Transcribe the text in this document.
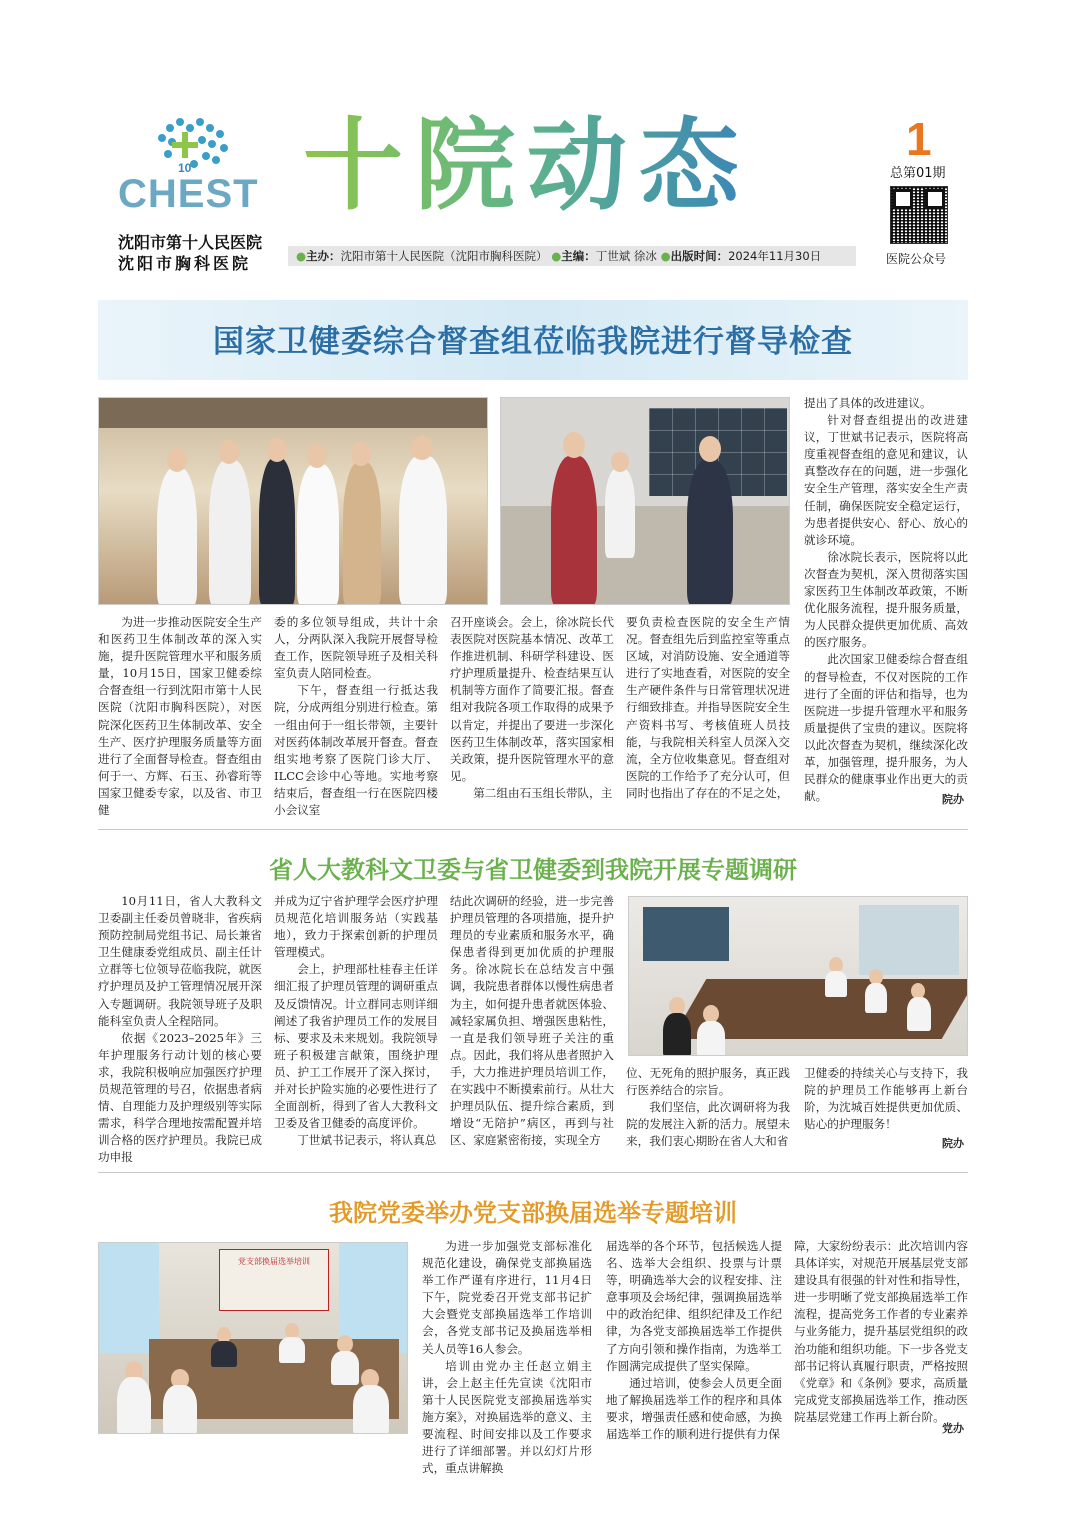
10
CHEST
沈阳市第十人民医院
沈阳市胸科医院
十院动态	1
总第01期
医院公众号
●主办：沈阳市第十人民医院（沈阳市胸科医院） ●主编：丁世斌 徐冰 ●出版时间：2024年11月30日
国家卫健委综合督查组莅临我院进行督导检查

为进一步推动医院安全生产和医药卫生体制改革的深入实施，提升医院管理水平和服务质量，10月15日，国家卫健委综合督查组一行到沈阳市第十人民医院（沈阳市胸科医院），对医院深化医药卫生体制改革、安全生产、医疗护理服务质量等方面进行了全面督导检查。督查组由何于一、方辉、石玉、孙睿珩等国家卫健委专家，以及省、市卫健

委的多位领导组成，共计十余人，分两队深入我院开展督导检查工作，医院领导班子及相关科室负责人陪同检查。

下午，督查组一行抵达我院，分成两组分别进行检查。第一组由何于一组长带领，主要针对医药体制改革展开督查。督查组实地考察了医院门诊大厅、ILCC会诊中心等地。实地考察结束后，督查组一行在医院四楼小会议室

召开座谈会。会上，徐冰院长代表医院对医院基本情况、改革工作推进机制、科研学科建设、医疗护理质量提升、检查结果互认机制等方面作了简要汇报。督查组对我院各项工作取得的成果予以肯定，并提出了要进一步深化医药卫生体制改革，落实国家相关政策，提升医院管理水平的意见。

第二组由石玉组长带队，主

要负责检查医院的安全生产情况。督查组先后到监控室等重点区域，对消防设施、安全通道等进行了实地查看，对医院的安全生产硬件条件与日常管理状况进行细致排查。并指导医院安全生产资料书写、考核值班人员技能，与我院相关科室人员深入交流，全方位收集意见。督查组对医院的工作给予了充分认可，但同时也指出了存在的不足之处，

提出了具体的改进建议。

针对督查组提出的改进建议，丁世斌书记表示，医院将高度重视督查组的意见和建议，认真整改存在的问题，进一步强化安全生产管理，落实安全生产责任制，确保医院安全稳定运行，为患者提供安心、舒心、放心的就诊环境。

徐冰院长表示，医院将以此次督查为契机，深入贯彻落实国家医药卫生体制改革政策，不断优化服务流程，提升服务质量，为人民群众提供更加优质、高效的医疗服务。

此次国家卫健委综合督查组的督导检查，不仅对医院的工作进行了全面的评估和指导，也为医院进一步提升管理水平和服务质量提供了宝贵的建议。医院将以此次督查为契机，继续深化改革，加强管理，提升服务，为人民群众的健康事业作出更大的贡献。	院办
省人大教科文卫委与省卫健委到我院开展专题调研

10月11日，省人大教科文卫委副主任委员曾晓非，省疾病预防控制局党组书记、局长兼省卫生健康委党组成员、副主任计立群等七位领导莅临我院，就医疗护理员及护工管理情况展开深入专题调研。我院领导班子及职能科室负责人全程陪同。

依据《2023–2025年》三年护理服务行动计划的核心要求，我院积极响应加强医疗护理员规范管理的号召，依据患者病情、自理能力及护理级别等实际需求，科学合理地按需配置并培训合格的医疗护理员。我院已成功申报

并成为辽宁省护理学会医疗护理员规范化培训服务站（实践基地），致力于探索创新的护理员管理模式。

会上，护理部杜桂春主任详细汇报了护理员管理的调研重点及反馈情况。计立群同志则详细阐述了我省护理员工作的发展目标、要求及未来规划。我院领导班子积极建言献策，围绕护理员、护工工作展开了深入探讨，并对长护险实施的必要性进行了全面剖析，得到了省人大教科文卫委及省卫健委的高度评价。

丁世斌书记表示，将认真总

结此次调研的经验，进一步完善护理员管理的各项措施，提升护理员的专业素质和服务水平，确保患者得到更加优质的护理服务。徐冰院长在总结发言中强调，我院患者群体以慢性病患者为主，如何提升患者就医体验、减轻家属负担、增强医患粘性，一直是我们领导班子关注的重点。因此，我们将从患者照护入手，大力推进护理员培训工作，在实践中不断摸索前行。从壮大护理员队伍、提升综合素质，到增设“无陪护”病区，再到与社区、家庭紧密衔接，实现全方

位、无死角的照护服务，真正践行医养结合的宗旨。

我们坚信，此次调研将为我院的发展注入新的活力。展望未来，我们衷心期盼在省人大和省

卫健委的持续关心与支持下，我院的护理员工作能够再上新台阶，为沈城百姓提供更加优质、贴心的护理服务！

院办
我院党委举办党支部换届选举专题培训
党支部换届选举培训

为进一步加强党支部标准化规范化建设，确保党支部换届选举工作严谨有序进行，11月4日下午，院党委召开党支部书记扩大会暨党支部换届选举工作培训会，各党支部书记及换届选举相关人员等16人参会。

培训由党办主任赵立娟主讲，会上赵主任先宣读《沈阳市第十人民医院党支部换届选举实施方案》，对换届选举的意义、主要流程、时间安排以及工作要求进行了详细部署。并以幻灯片形式，重点讲解换

届选举的各个环节，包括候选人提名、选举大会组织、投票与计票等，明确选举大会的议程安排、注意事项及会场纪律，强调换届选举中的政治纪律、组织纪律及工作纪律，为各党支部换届选举工作提供了方向引领和操作指南，为选举工作圆满完成提供了坚实保障。

通过培训，使参会人员更全面地了解换届选举工作的程序和具体要求，增强责任感和使命感，为换届选举工作的顺利进行提供有力保

障，大家纷纷表示：此次培训内容具体详实，对规范开展基层党支部建设具有很强的针对性和指导性，进一步明晰了党支部换届选举工作流程，提高党务工作者的专业素养与业务能力，提升基层党组织的政治功能和组织功能。下一步各党支部书记将认真履行职责，严格按照《党章》和《条例》要求，高质量完成党支部换届选举工作，推动医院基层党建工作再上新台阶。

党办
